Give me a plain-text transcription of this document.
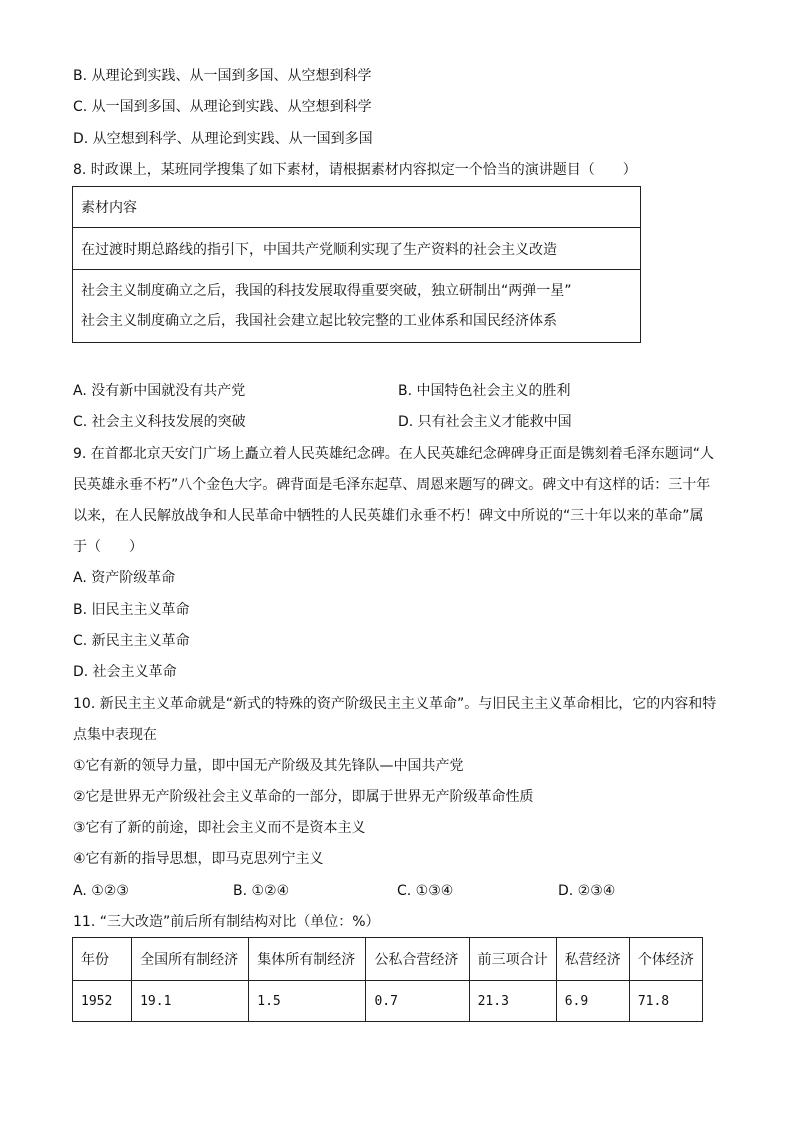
B. 从理论到实践、从一国到多国、从空想到科学
C. 从一国到多国、从理论到实践、从空想到科学
D. 从空想到科学、从理论到实践、从一国到多国
8. 时政课上，某班同学搜集了如下素材，请根据素材内容拟定一个恰当的演讲题目（　　）
素材内容
在过渡时期总路线的指引下，中国共产党顺利实现了生产资料的社会主义改造

社会主义制度确立之后，我国的科技发展取得重要突破，独立研制出“两弹一星”
社会主义制度确立之后，我国社会建立起比较完整的工业体系和国民经济体系
A. 没有新中国就没有共产党	B. 中国特色社会主义的胜利
C. 社会主义科技发展的突破	D. 只有社会主义才能救中国
9. 在首都北京天安门广场上矗立着人民英雄纪念碑。在人民英雄纪念碑碑身正面是镌刻着毛泽东题词“人
民英雄永垂不朽”八个金色大字。碑背面是毛泽东起草、周恩来题写的碑文。碑文中有这样的话：三十年
以来，在人民解放战争和人民革命中牺牲的人民英雄们永垂不朽！碑文中所说的“三十年以来的革命”属
于（　　）
A. 资产阶级革命
B. 旧民主主义革命
C. 新民主主义革命
D. 社会主义革命
10. 新民主主义革命就是“新式的特殊的资产阶级民主主义革命”。与旧民主主义革命相比，它的内容和特
点集中表现在
①它有新的领导力量，即中国无产阶级及其先锋队—中国共产党
②它是世界无产阶级社会主义革命的一部分，即属于世界无产阶级革命性质
③它有了新的前途，即社会主义而不是资本主义
④它有新的指导思想，即马克思列宁主义
A. ①②③	B. ①②④	C. ①③④	D. ②③④
11. “三大改造”前后所有制结构对比（单位：%）
年份	全国所有制经济	集体所有制经济	公私合营经济	前三项合计	私营经济	个体经济
1952	19.1	1.5	0.7	21.3	6.9	71.8
